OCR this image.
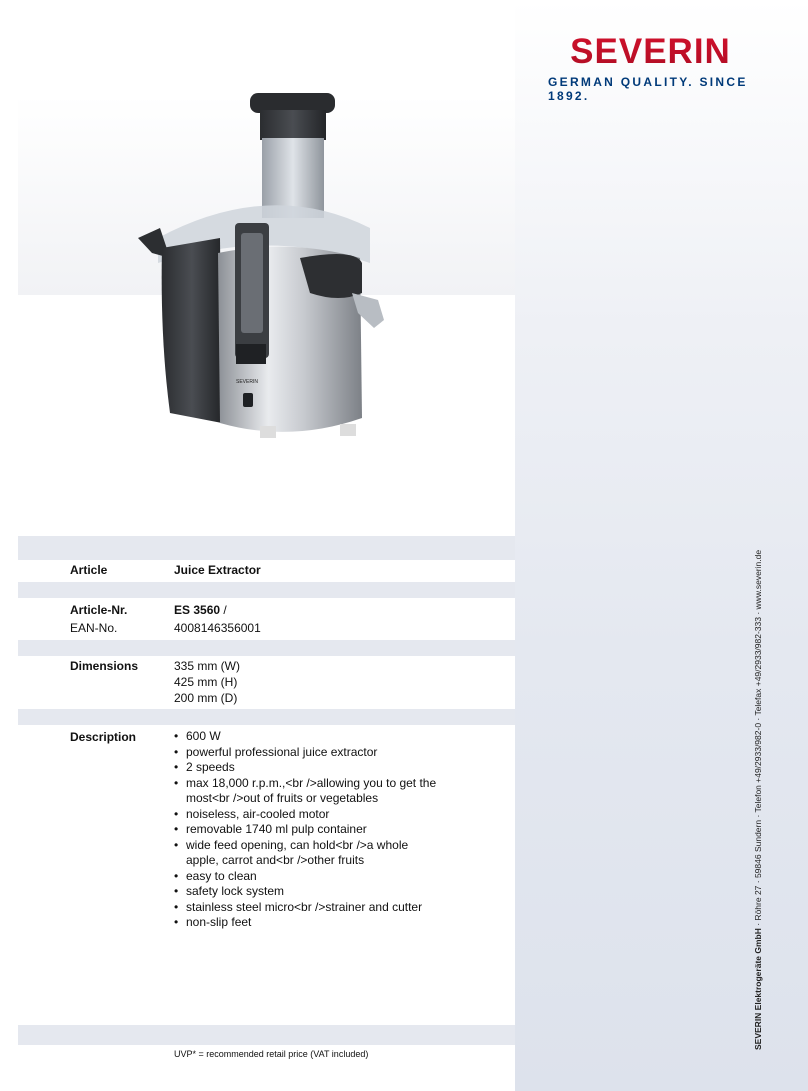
SEVERIN
GERMAN QUALITY. SINCE 1892.
SEVERIN
Article	Juice Extractor
Article-Nr.	ES 3560 /
EAN-No.	4008146356001
Dimensions	335 mm (W)
425 mm (H)
200 mm (D)
Description
•	600 W
• powerful professional juice extractor
• 2 speeds
• max 18,000 r.p.m.,<br />allowing you to get the most<br />out of fruits or vegetables
• noiseless, air-cooled motor
• removable 1740 ml pulp container
• wide feed opening, can hold<br />a whole apple, carrot and<br />other fruits
• easy to clean
• safety lock system
• stainless steel micro<br />strainer and cutter
• non-slip feet
UVP* = recommended retail price (VAT included)
SEVERIN Elektrogeräte GmbH · Röhre 27 · 59846 Sundern · Telefon +49/2933/982-0 · Telefax +49/2933/982-333 · www.severin.de
